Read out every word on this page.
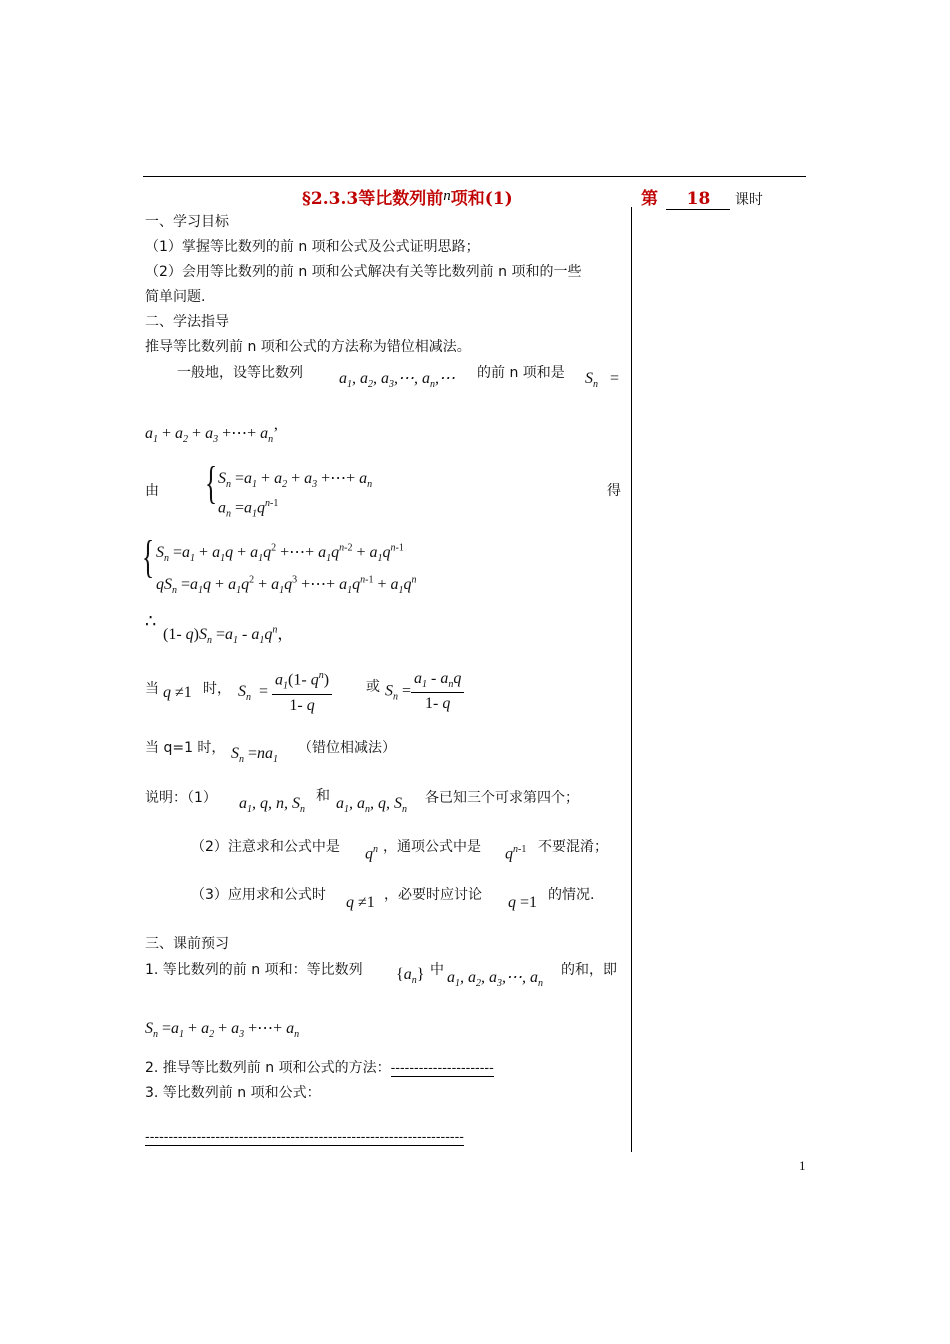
§2.3.3等比数列前n项和(1)	第 18 课时
一、学习目标
（1）掌握等比数列的前 n 项和公式及公式证明思路；
（2）会用等比数列的前 n 项和公式解决有关等比数列前 n 项和的一些
简单问题.
二、学法指导
推导等比数列前 n 项和公式的方法称为错位相减法。
一般地，设等比数列 $a_1$, $a_2$, $a_3,\cdots$, $a_n,\cdots$ 的前 n 项和是 $S_n$   =
$a_1 + a_2 + a_3$ +⋯+ $a_n$’
由 { $S_n =a_1 + a_2 + a_3$ +⋯+ $a_n$
$a_n =a_1q^{n-1}$
得
{ $S_n =a_1 + a_1q + a_1q^2$ +⋯+ $a_1q^{n-2} + a_1q^{n-1}$
$qS_n =a_1q + a_1q^2 + a_1q^3$ +⋯+ $a_1q^{n-1} + a_1q^n$
∴
(1- $q)S_n =a_1 - a_1q^n$，
当 q ≠1 时， $S_n = \frac{a_1(1- q^n)}{1- q}$ 或 $S_n = \frac{a_1 - a_nq}{1- q}$
当 q=1 时， $S_n =na_1$
（错位相减法）
说明：（1） $a_1$, q, n, $S_n$
和 $a_1$, $a_n$, q, $S_n$
各已知三个可求第四个；
（2）注意求和公式中是 $q^n$ ，通项公式中是 $q^{n-1}$ 不要混淆；
（3）应用求和公式时 q ≠1 ，必要时应讨论 q =1 的情况.
三、课前预习
1. 等比数列的前 n 项和：等比数列 $\{a_n\}$ 中 $a_1$, $a_2$, $a_3,\cdots$, $a_n$
的和，即
$S_n =a_1 + a_2 + a_3$ +⋯+ $a_n$
2. 推导等比数列前 n 项和公式的方法：----------------------
3. 等比数列前 n 项和公式：
--------------------------------------------------------------------
1
